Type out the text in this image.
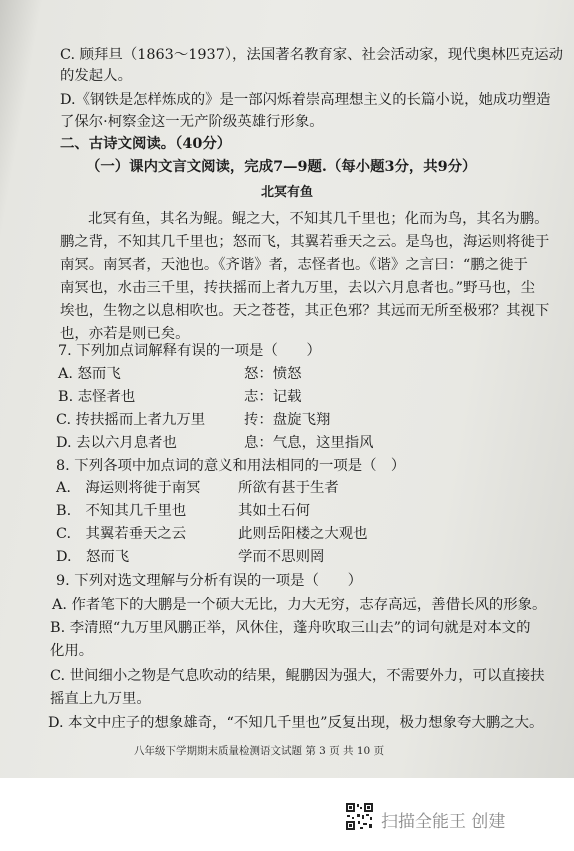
C. 顾拜旦（1863～1937），法国著名教育家、社会活动家，现代奥林匹克运动
的发起人。
D.《钢铁是怎样炼成的》是一部闪烁着崇高理想主义的长篇小说，她成功塑造
了保尔·柯察金这一无产阶级英雄行形象。
二、古诗文阅读。（40分）
（一）课内文言文阅读，完成7—9题.（每小题3分，共9分）
北冥有鱼
北冥有鱼，其名为鲲。鲲之大，不知其几千里也；化而为鸟，其名为鹏。
鹏之背，不知其几千里也；怒而飞，其翼若垂天之云。是鸟也，海运则将徙于
南冥。南冥者，天池也。《齐谐》者，志怪者也。《谐》之言曰：“鹏之徙于
南冥也，水击三千里，抟扶摇而上者九万里，去以六月息者也。”野马也，尘
埃也，生物之以息相吹也。天之苍苍，其正色邪？其远而无所至极邪？其视下
也，亦若是则已矣。
7. 下列加点词解释有误的一项是（　　）
A. 怒而飞	怒：愤怒
B. 志怪者也	志：记载
C. 抟扶摇而上者九万里	抟：盘旋飞翔
D. 去以六月息者也	息：气息，这里指风
8. 下列各项中加点词的意义和用法相同的一项是（　）
A.　海运则将徙于南冥	所欲有甚于生者
B.　不知其几千里也	其如土石何
C.　其翼若垂天之云	此则岳阳楼之大观也
D.　怒而飞	学而不思则罔
9. 下列对选文理解与分析有误的一项是（　　）
A. 作者笔下的大鹏是一个硕大无比，力大无穷，志存高远，善借长风的形象。
B. 李清照“九万里风鹏正举，风休住，蓬舟吹取三山去”的词句就是对本文的
化用。
C. 世间细小之物是气息吹动的结果，鲲鹏因为强大，不需要外力，可以直接扶
摇直上九万里。
D. 本文中庄子的想象雄奇，“不知几千里也”反复出现，极力想象夸大鹏之大。
八年级下学期期末质量检测语文试题 第 3 页 共 10 页
扫描全能王 创建
